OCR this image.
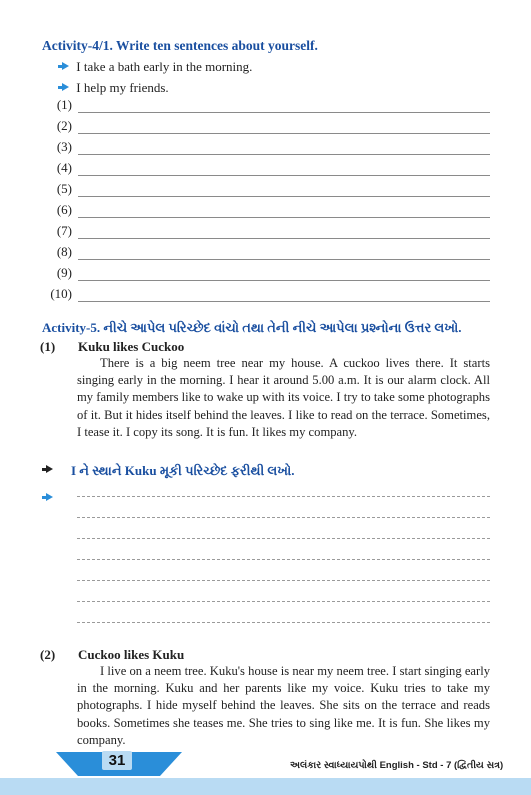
Activity-4/1. Write ten sentences about yourself.
I take a bath early in the morning.
I help my friends.
(1)
(2)
(3)
(4)
(5)
(6)
(7)
(8)
(9)
(10)
Activity-5. નીચે આપેલ પરિચ્છેદ વાંચો તથા તેની નીચે આપેલા પ્રશ્નોના ઉત્તર લખો.
(1) Kuku likes Cuckoo
There is a big neem tree near my house. A cuckoo lives there. It starts singing early in the morning. I hear it around 5.00 a.m. It is our alarm clock. All my family members like to wake up with its voice. I try to take some photographs of it. But it hides itself behind the leaves. I like to read on the terrace. Sometimes, I tease it. I copy its song. It is fun. It likes my company.
I ને સ્થાને Kuku મૂકી પરિચ્છેદ ફરીથી લખો.
(2) Cuckoo likes Kuku
I live on a neem tree. Kuku's house is near my neem tree. I start singing early in the morning. Kuku and her parents like my voice. Kuku tries to take my photographs. I hide myself behind the leaves. She sits on the terrace and reads books. Sometimes she teases me. She tries to sing like me. It is fun. She likes my company.
31	અલંકાર સ્વાધ્યાયપોથી English - Std - 7 (દ્વિતીય સત્ર)
